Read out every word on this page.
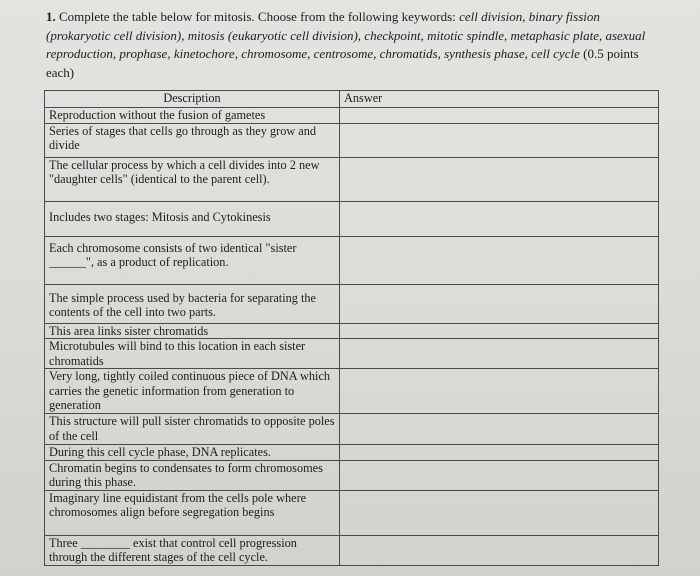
1. Complete the table below for mitosis. Choose from the following keywords: cell division, binary fission (prokaryotic cell division), mitosis (eukaryotic cell division), checkpoint, mitotic spindle, metaphasic plate, asexual reproduction, prophase, kinetochore, chromosome, centrosome, chromatids, synthesis phase, cell cycle (0.5 points each)
Description	Answer
Reproduction without the fusion of gametes	
Series of stages that cells go through as they grow and divide	
The cellular process by which a cell divides into 2 new "daughter cells" (identical to the parent cell).	
Includes two stages: Mitosis and Cytokinesis	
Each chromosome consists of two identical "sister ______", as a product of replication.	
The simple process used by bacteria for separating the contents of the cell into two parts.	
This area links sister chromatids	
Microtubules will bind to this location in each sister chromatids	
Very long, tightly coiled continuous piece of DNA which carries the genetic information from generation to generation	
This structure will pull sister chromatids to opposite poles of the cell	
During this cell cycle phase, DNA replicates.	
Chromatin begins to condensates to form chromosomes during this phase.	
Imaginary line equidistant from the cells pole where chromosomes align before segregation begins	
Three ________ exist that control cell progression through the different stages of the cell cycle.	
